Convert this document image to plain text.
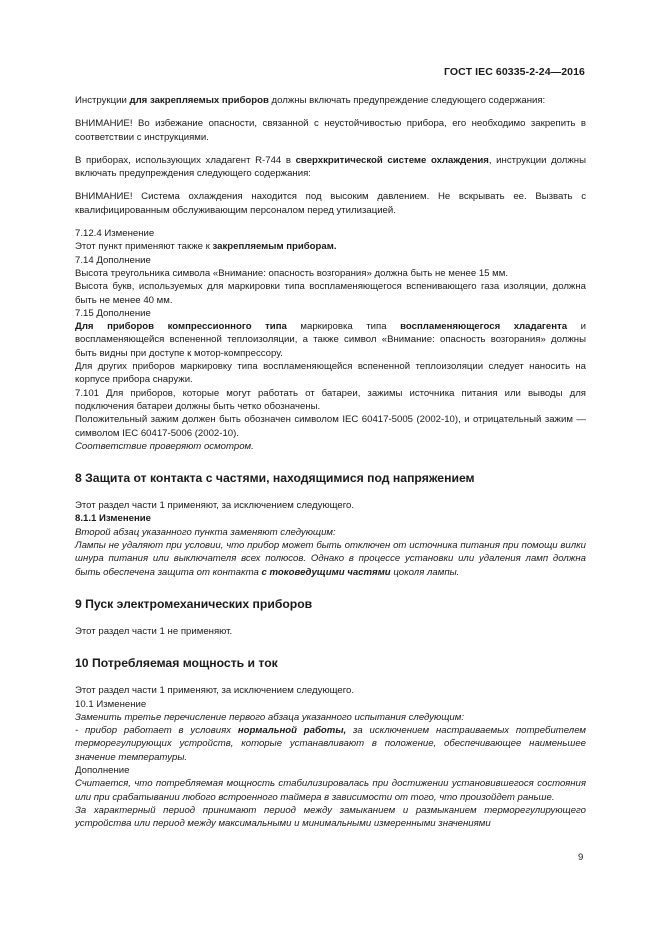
ГОСТ IEC 60335-2-24—2016

Инструкции для закрепляемых приборов должны включать предупреждение следующего содержания:

ВНИМАНИЕ! Во избежание опасности, связанной с неустойчивостью прибора, его необходимо закрепить в соответствии с инструкциями.

В приборах, использующих хладагент R-744 в сверхкритической системе охлаждения, инструкции должны включать предупреждения следующего содержания:

ВНИМАНИЕ! Система охлаждения находится под высоким давлением. Не вскрывать ее. Вызвать с квалифицированным обслуживающим персоналом перед утилизацией.

7.12.4 Изменение

Этот пункт применяют также к закрепляемым приборам.

7.14 Дополнение

Высота треугольника символа «Внимание: опасность возгорания» должна быть не менее 15 мм.

Высота букв, используемых для маркировки типа воспламеняющегося вспенивающего газа изоляции, должна быть не менее 40 мм.

7.15 Дополнение

Для приборов компрессионного типа маркировка типа воспламеняющегося хладагента и воспламеняющейся вспененной теплоизоляции, а также символ «Внимание: опасность возгорания» должны быть видны при доступе к мотор-компрессору.

Для других приборов маркировку типа воспламеняющейся вспененной теплоизоляции следует наносить на корпусе прибора снаружи.

7.101 Для приборов, которые могут работать от батареи, зажимы источника питания или выводы для подключения батареи должны быть четко обозначены.

Положительный зажим должен быть обозначен символом IEC 60417-5005 (2002-10), и отрицательный зажим — символом IEC 60417-5006 (2002-10).

Соответствие проверяют осмотром.

8 Защита от контакта с частями, находящимися под напряжением

Этот раздел части 1 применяют, за исключением следующего.

8.1.1 Изменение

Второй абзац указанного пункта заменяют следующим:

Лампы не удаляют при условии, что прибор может быть отключен от источника питания при помощи вилки шнура питания или выключателя всех полюсов. Однако в процессе установки или удаления ламп должна быть обеспечена защита от контакта с токоведущими частями цоколя лампы.

9 Пуск электромеханических приборов

Этот раздел части 1 не применяют.

10 Потребляемая мощность и ток

Этот раздел части 1 применяют, за исключением следующего.

10.1 Изменение

Заменить третье перечисление первого абзаца указанного испытания следующим:

- прибор работает в условиях нормальной работы, за исключением настраиваемых потребителем терморегулирующих устройств, которые устанавливают в положение, обеспечивающее наименьшее значение температуры.

Дополнение

Считается, что потребляемая мощность стабилизировалась при достижении установившегося состояния или при срабатывании любого встроенного таймера в зависимости от того, что произойдет раньше.

За характерный период принимают период между замыканием и размыканием терморегулирующего устройства или период между максимальными и минимальными измеренными значениями

9
